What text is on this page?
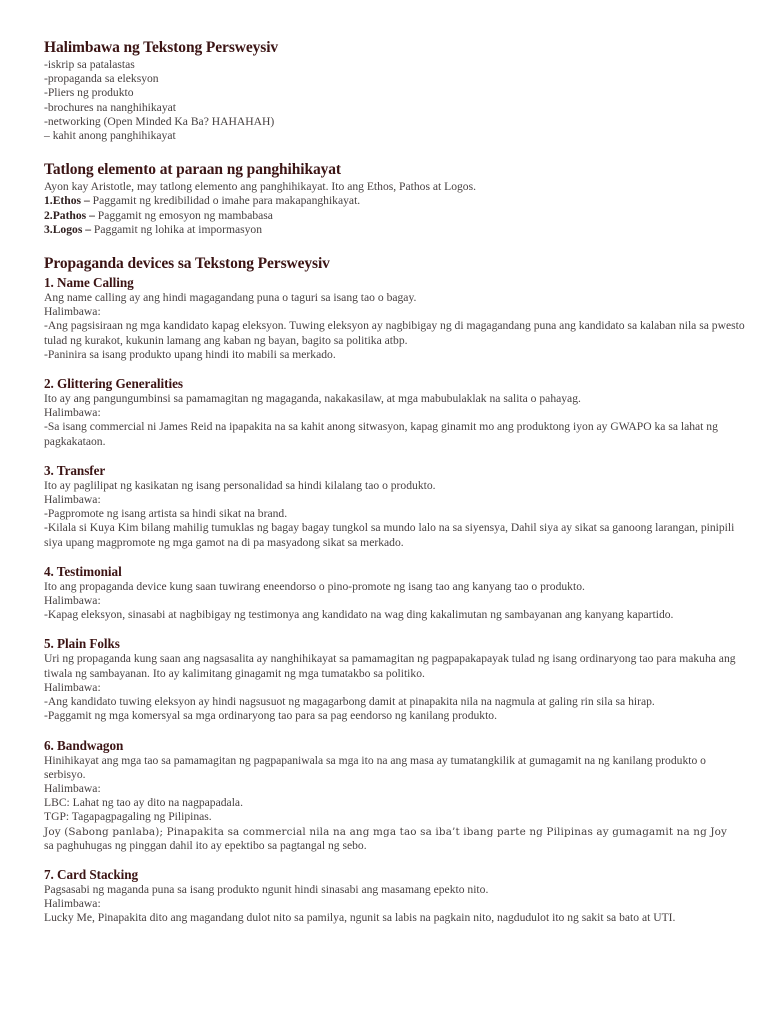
Halimbawa ng Tekstong Persweysiv

-iskrip sa patalastas

-propaganda sa eleksyon

-Pliers ng produkto

-brochures na nanghihikayat

-networking (Open Minded Ka Ba? HAHAHAH)

– kahit anong panghihikayat

Tatlong elemento at paraan ng panghihikayat

Ayon kay Aristotle, may tatlong elemento ang panghihikayat. Ito ang Ethos, Pathos at Logos.

1.Ethos – Paggamit ng kredibilidad o imahe para makapanghikayat.

2.Pathos – Paggamit ng emosyon ng mambabasa

3.Logos – Paggamit ng lohika at impormasyon

Propaganda devices sa Tekstong Persweysiv
1. Name Calling

Ang name calling ay ang hindi magagandang puna o taguri sa isang tao o bagay.

Halimbawa:

-Ang pagsisiraan ng mga kandidato kapag eleksyon. Tuwing eleksyon ay nagbibigay ng di magagandang puna ang kandidato sa kalaban nila sa pwesto tulad ng kurakot, kukunin lamang ang kaban ng bayan, bagito sa politika atbp.

-Paninira sa isang produkto upang hindi ito mabili sa merkado.

2. Glittering Generalities

Ito ay ang pangungumbinsi sa pamamagitan ng magaganda, nakakasilaw, at mga mabubulaklak na salita o pahayag.

Halimbawa:

-Sa isang commercial ni James Reid na ipapakita na sa kahit anong sitwasyon, kapag ginamit mo ang produktong iyon ay GWAPO ka sa lahat ng pagkakataon.

3. Transfer

Ito ay paglilipat ng kasikatan ng isang personalidad sa hindi kilalang tao o produkto.

Halimbawa:

-Pagpromote ng isang artista sa hindi sikat na brand.

-Kilala si Kuya Kim bilang mahilig tumuklas ng bagay bagay tungkol sa mundo lalo na sa siyensya, Dahil siya ay sikat sa ganoong larangan, pinipili siya upang magpromote ng mga gamot na di pa masyadong sikat sa merkado.

4. Testimonial

Ito ang propaganda device kung saan tuwirang eneendorso o pino-promote ng isang tao ang kanyang tao o produkto.

Halimbawa:

-Kapag eleksyon, sinasabi at nagbibigay ng testimonya ang kandidato na wag ding kakalimutan ng sambayanan ang kanyang kapartido.

5. Plain Folks

Uri ng propaganda kung saan ang nagsasalita ay nanghihikayat sa pamamagitan ng pagpapakapayak tulad ng isang ordinaryong tao para makuha ang tiwala ng sambayanan. Ito ay kalimitang ginagamit ng mga tumatakbo sa politiko.

Halimbawa:

-Ang kandidato tuwing eleksyon ay hindi nagsusuot ng magagarbong damit at pinapakita nila na nagmula at galing rin sila sa hirap.

-Paggamit ng mga komersyal sa mga ordinaryong tao para sa pag eendorso ng kanilang produkto.

6. Bandwagon

Hinihikayat ang mga tao sa pamamagitan ng pagpapaniwala sa mga ito na ang masa ay tumatangkilik at gumagamit na ng kanilang produkto o serbisyo.

Halimbawa:

LBC: Lahat ng tao ay dito na nagpapadala.

TGP: Tagapagpagaling ng Pilipinas.

Joy (Sabong panlaba); Pinapakita sa commercial nila na ang mga tao sa iba’t ibang parte ng Pilipinas ay gumagamit na ng Joy

sa paghuhugas ng pinggan dahil ito ay epektibo sa pagtangal ng sebo.

7. Card Stacking

Pagsasabi ng maganda puna sa isang produkto ngunit hindi sinasabi ang masamang epekto nito.

Halimbawa:

Lucky Me, Pinapakita dito ang magandang dulot nito sa pamilya, ngunit sa labis na pagkain nito, nagdudulot ito ng sakit sa bato at UTI.
